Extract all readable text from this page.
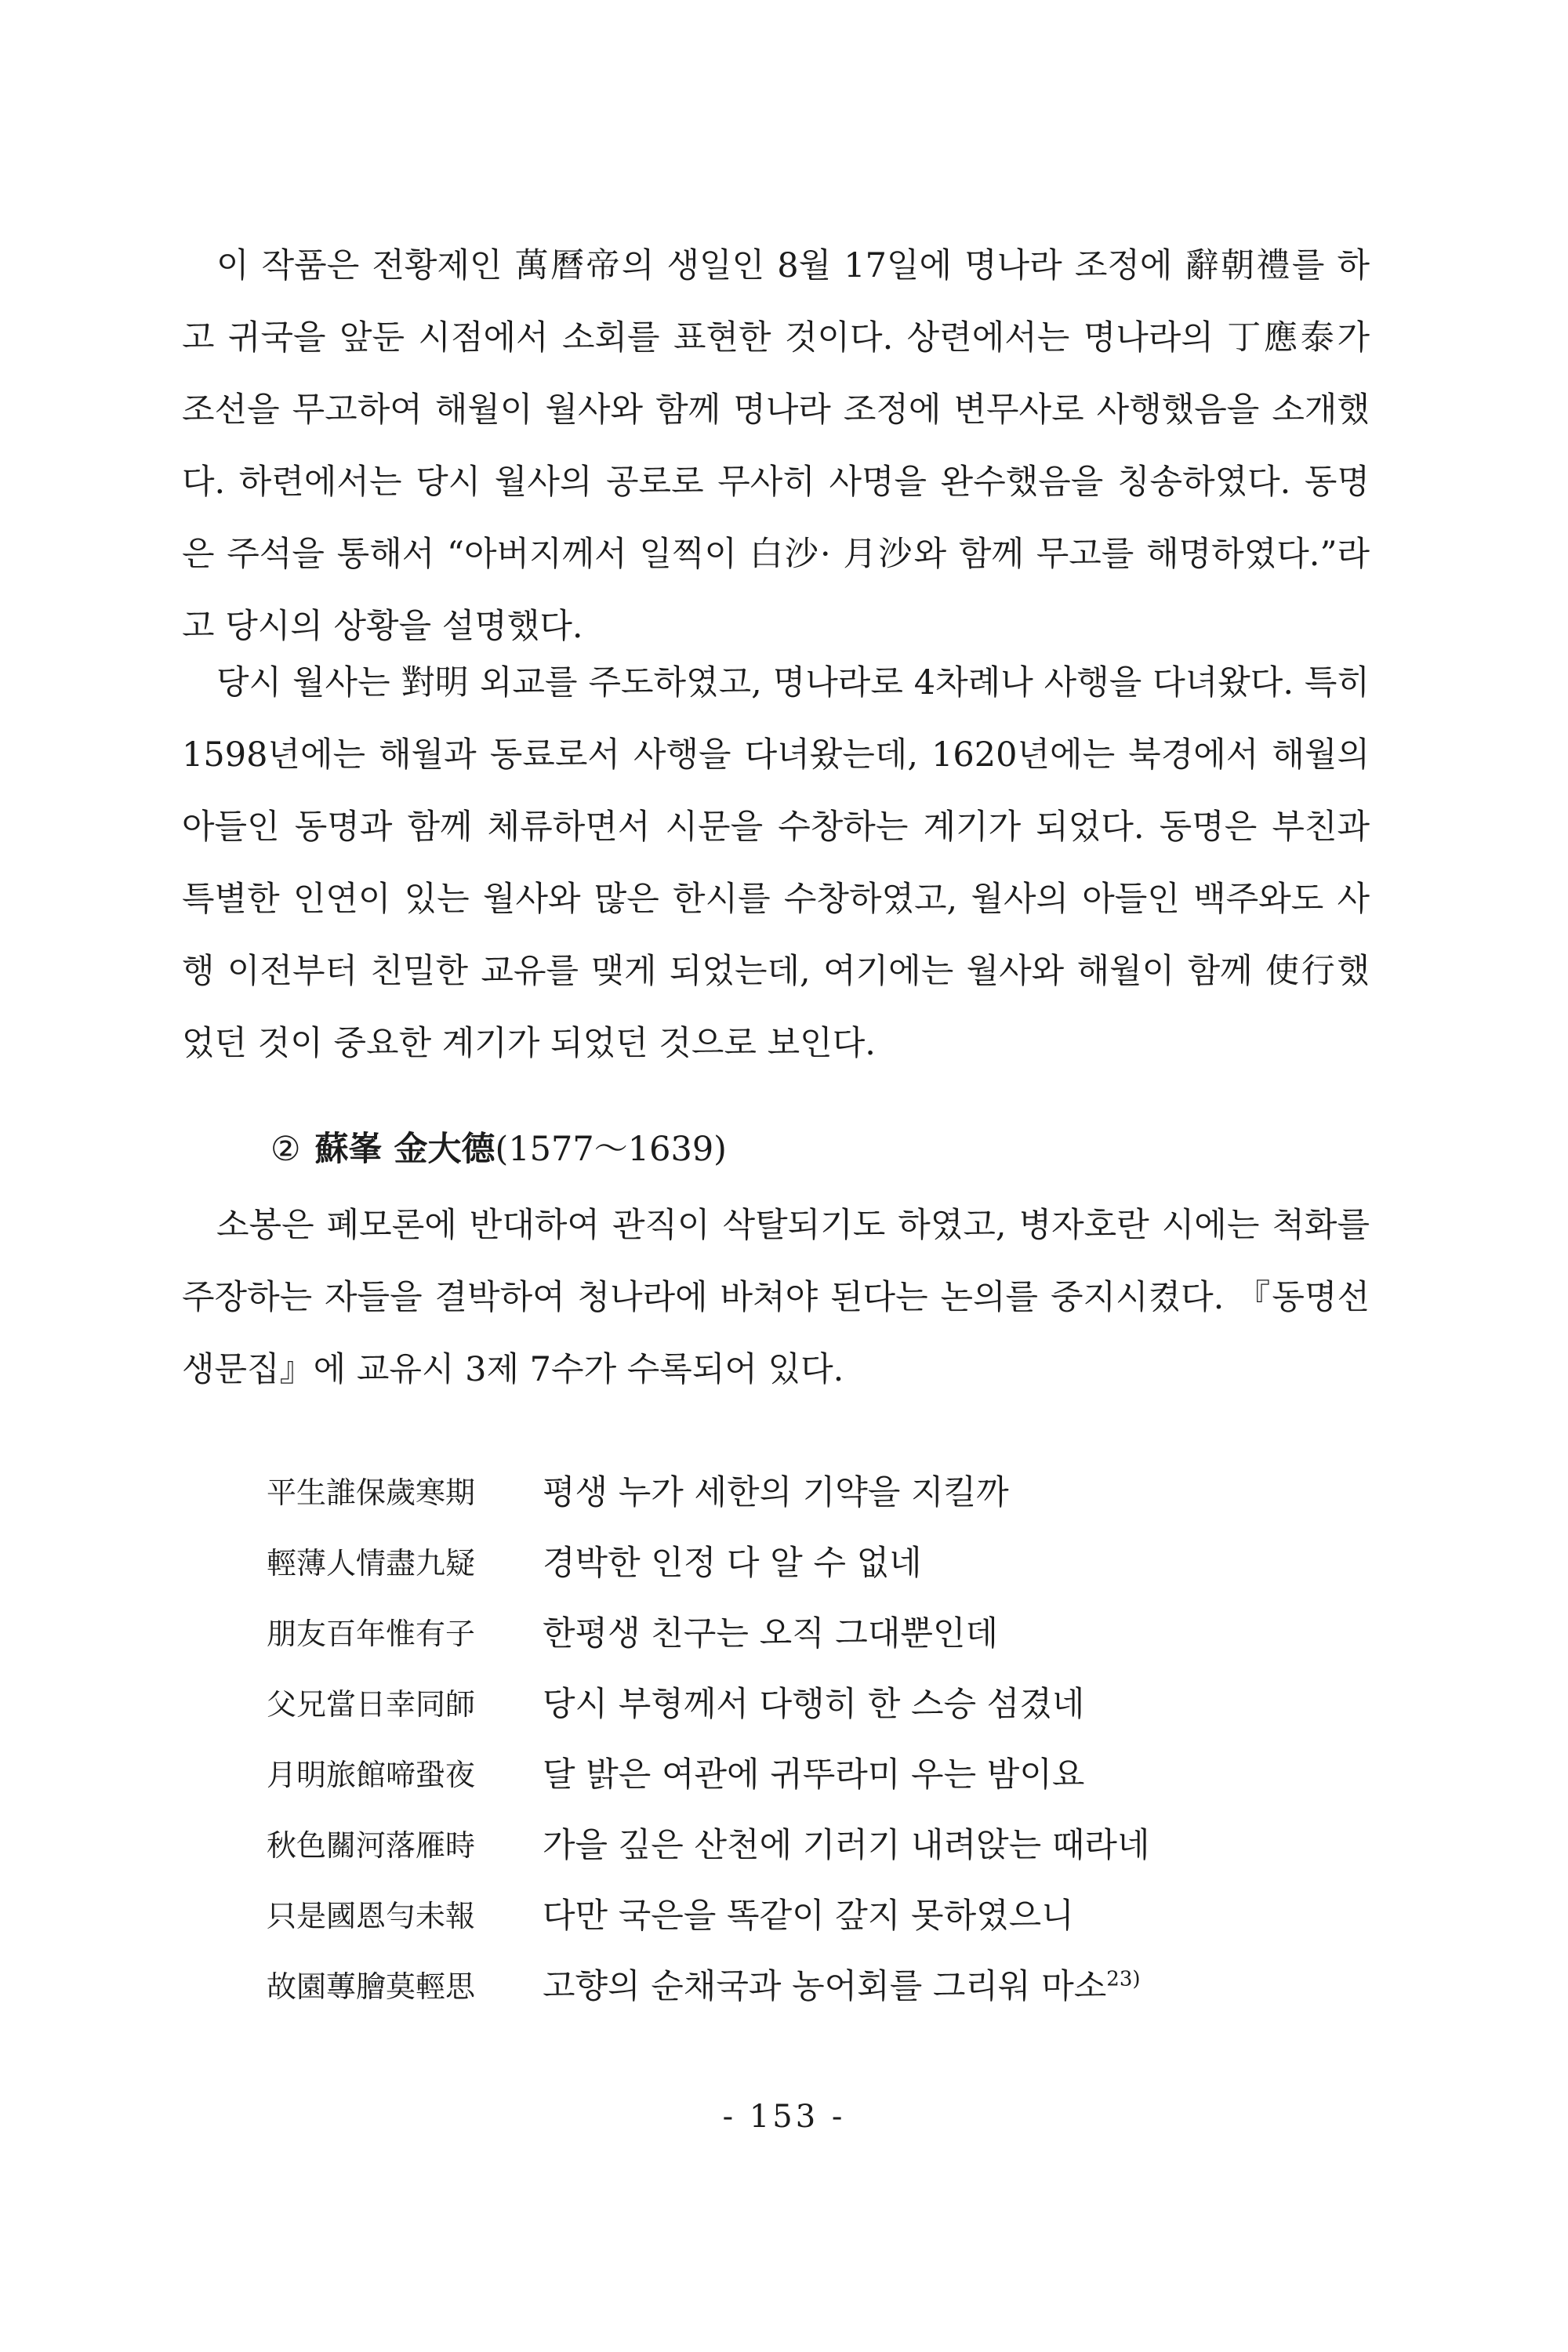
이 작품은 전황제인 萬曆帝의 생일인 8월 17일에 명나라 조정에 辭朝禮를 하고 귀국을 앞둔 시점에서 소회를 표현한 것이다. 상련에서는 명나라의 丁應泰가 조선을 무고하여 해월이 월사와 함께 명나라 조정에 변무사로 사행했음을 소개했다. 하련에서는 당시 월사의 공로로 무사히 사명을 완수했음을 칭송하였다. 동명은 주석을 통해서 “아버지께서 일찍이 白沙· 月沙와 함께 무고를 해명하였다.”라고 당시의 상황을 설명했다.

당시 월사는 對明 외교를 주도하였고, 명나라로 4차례나 사행을 다녀왔다. 특히 1598년에는 해월과 동료로서 사행을 다녀왔는데, 1620년에는 북경에서 해월의 아들인 동명과 함께 체류하면서 시문을 수창하는 계기가 되었다. 동명은 부친과 특별한 인연이 있는 월사와 많은 한시를 수창하였고, 월사의 아들인 백주와도 사행 이전부터 친밀한 교유를 맺게 되었는데, 여기에는 월사와 해월이 함께 使行했었던 것이 중요한 계기가 되었던 것으로 보인다.

② 蘇峯 金大德(1577～1639)

소봉은 폐모론에 반대하여 관직이 삭탈되기도 하였고, 병자호란 시에는 척화를 주장하는 자들을 결박하여 청나라에 바쳐야 된다는 논의를 중지시켰다. 『동명선생문집』에 교유시 3제 7수가 수록되어 있다.

平生誰保歲寒期	평생 누가 세한의 기약을 지킬까
輕薄人情盡九疑	경박한 인정 다 알 수 없네
朋友百年惟有子	한평생 친구는 오직 그대뿐인데
父兄當日幸同師	당시 부형께서 다행히 한 스승 섬겼네
月明旅館啼蛩夜	달 밝은 여관에 귀뚜라미 우는 밤이요
秋色關河落雁時	가을 깊은 산천에 기러기 내려앉는 때라네
只是國恩勻未報	다만 국은을 똑같이 갚지 못하였으니
故園蓴膾莫輕思	고향의 순채국과 농어회를 그리워 마소$^{23)}$
- 153 -
